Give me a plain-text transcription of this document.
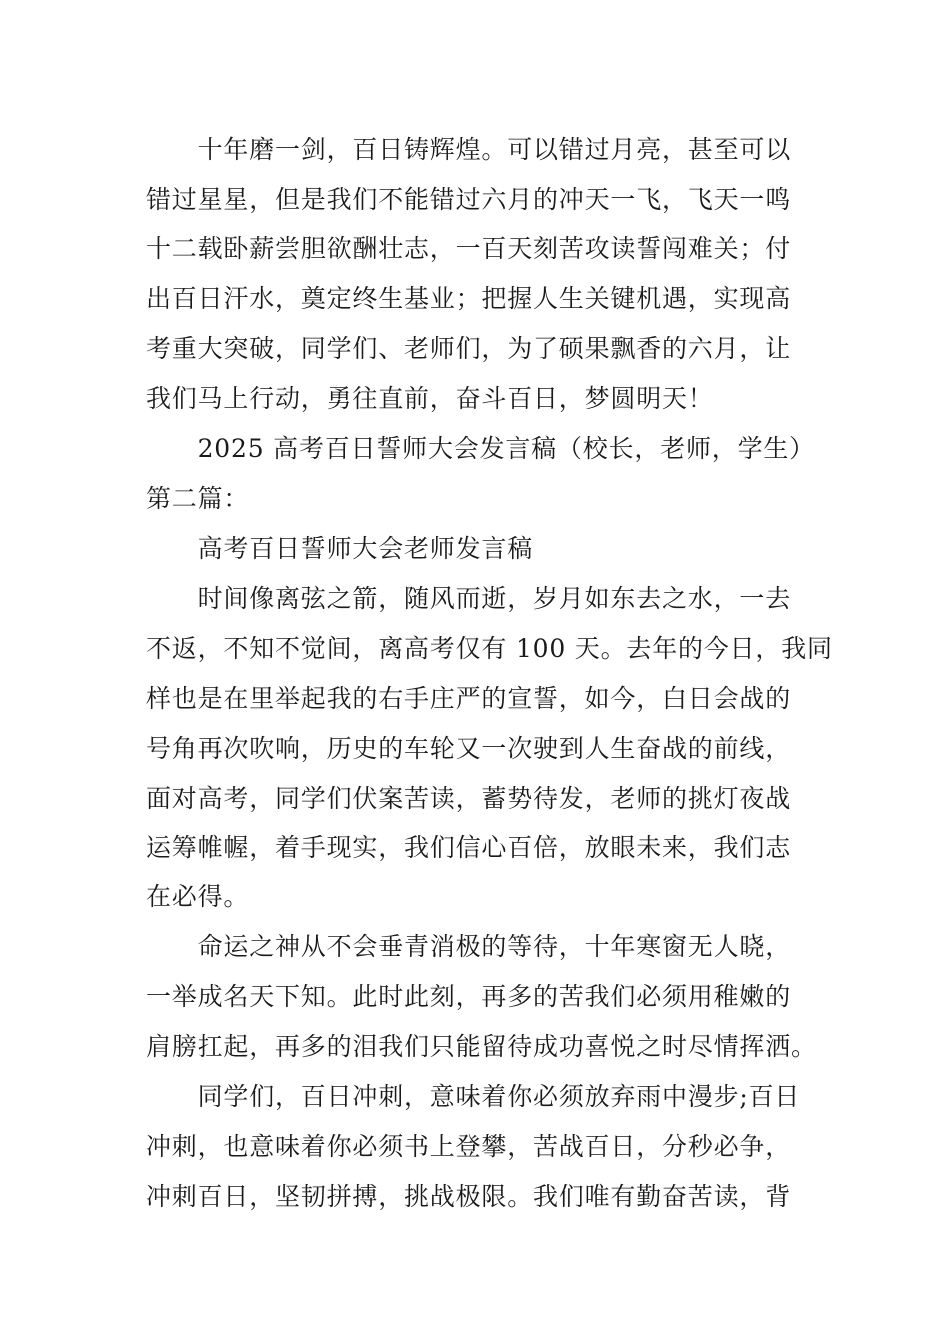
　　十年磨一剑，百日铸辉煌。可以错过月亮，甚至可以
错过星星，但是我们不能错过六月的冲天一飞，飞天一鸣
十二载卧薪尝胆欲酬壮志，一百天刻苦攻读誓闯难关；付
出百日汗水，奠定终生基业；把握人生关键机遇，实现高
考重大突破，同学们、老师们，为了硕果飘香的六月，让
我们马上行动，勇往直前，奋斗百日，梦圆明天！
　　2025 高考百日誓师大会发言稿（校长，老师，学生）
第二篇：
　　高考百日誓师大会老师发言稿
　　时间像离弦之箭，随风而逝，岁月如东去之水，一去
不返，不知不觉间，离高考仅有 100 天。去年的今日，我同
样也是在里举起我的右手庄严的宣誓，如今，白日会战的
号角再次吹响，历史的车轮又一次驶到人生奋战的前线，
面对高考，同学们伏案苦读，蓄势待发，老师的挑灯夜战
运筹帷幄，着手现实，我们信心百倍，放眼未来，我们志
在必得。
　　命运之神从不会垂青消极的等待，十年寒窗无人晓，
一举成名天下知。此时此刻，再多的苦我们必须用稚嫩的
肩膀扛起，再多的泪我们只能留待成功喜悦之时尽情挥洒。
　　同学们，百日冲刺，意味着你必须放弃雨中漫步;百日
冲刺，也意味着你必须书上登攀，苦战百日，分秒必争，
冲刺百日，坚韧拼搏，挑战极限。我们唯有勤奋苦读，背
